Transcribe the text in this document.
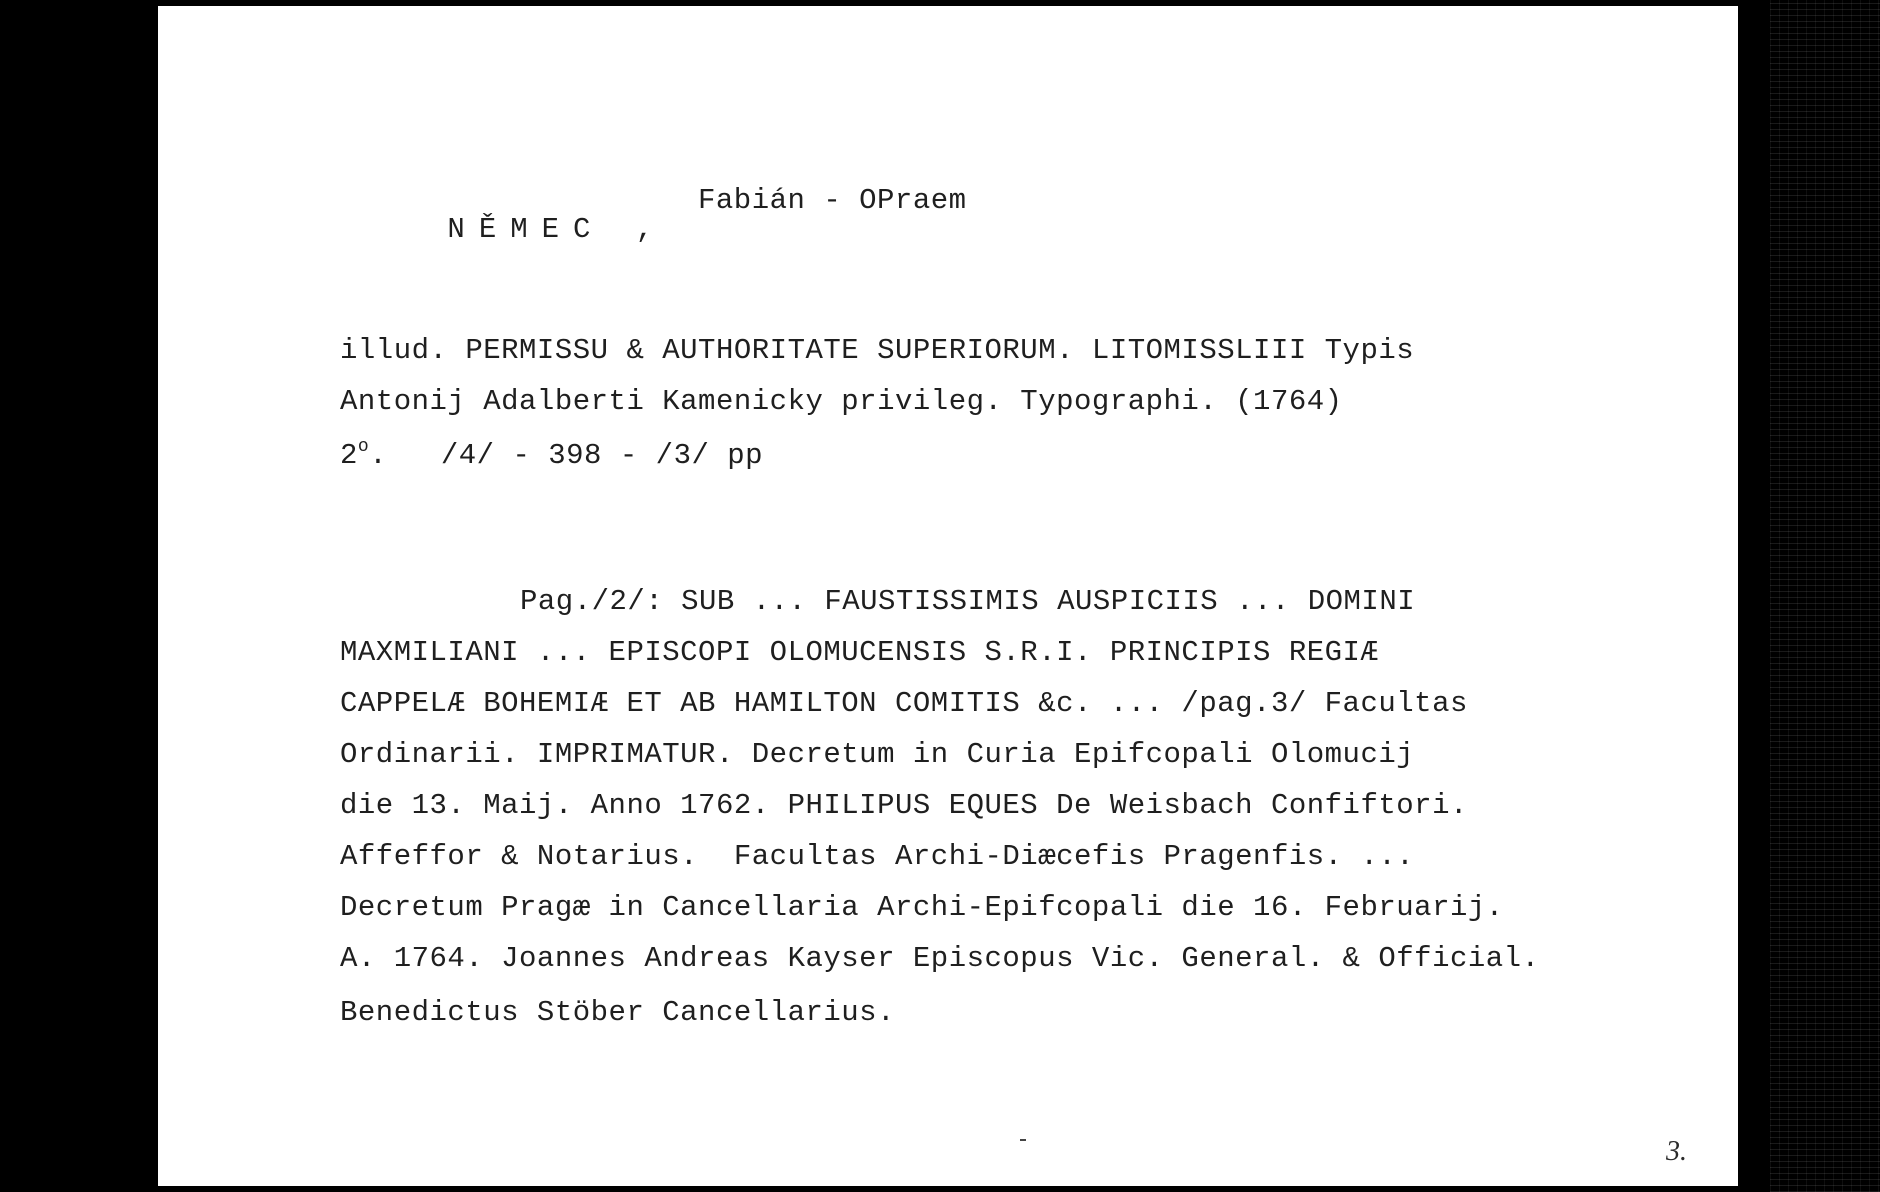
NĚMEC ,

Fabián - OPraem

illud. PERMISSU & AUTHORITATE SUPERIORUM. LITOMISSLIII Typis
Antonij Adalberti Kamenicky privileg. Typographi. (1764)
2$^o$.   /4/ - 398 - /3/ pp
Pag./2/: SUB ... FAUSTISSIMIS AUSPICIIS ... DOMINI
MAXMILIANI ... EPISCOPI OLOMUCENSIS S.R.I. PRINCIPIS REGIÆ
CAPPELÆ BOHEMIÆ ET AB HAMILTON COMITIS &c. ... /pag.3/ Facultas
Ordinarii. IMPRIMATUR. Decretum in Curia Epifcopali Olomucij
die 13. Maij. Anno 1762. PHILIPUS EQUES De Weisbach Confiftori.
Affeffor & Notarius.  Facultas Archi-Diæcefis Pragenfis. ...
Decretum Pragæ in Cancellaria Archi-Epifcopali die 16. Februarij.
A. 1764. Joannes Andreas Kayser Episcopus Vic. General. & Official.
Benedictus Stöber Cancellarius.
3.
